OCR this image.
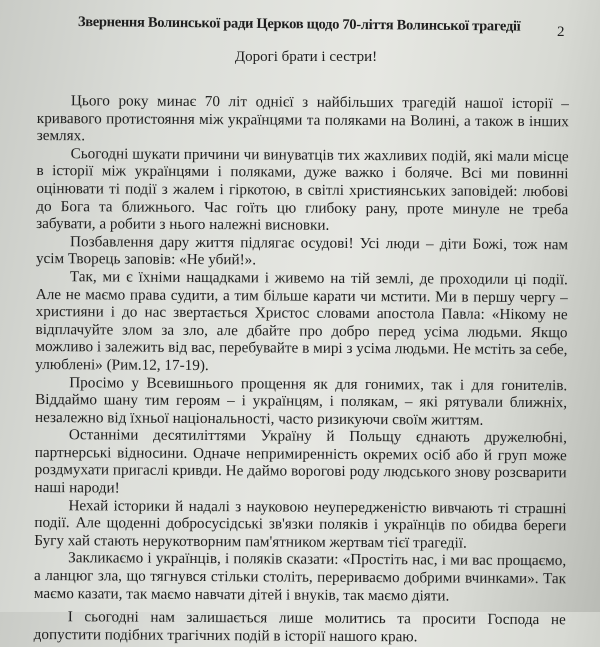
Звернення Волинської ради Церков щодо 70-ліття Волинської трагедії	2
Дорогі брати і сестри!

Цього року минає 70 літ однієї з найбільших трагедій нашої історії – кривавого протистояння між українцями та поляками на Волині, а також в інших землях.

Сьогодні шукати причини чи винуватців тих жахливих подій, які мали місце в історії між українцями і поляками, дуже важко і боляче. Всі ми повинні оцінювати ті події з жалем і гіркотою, в світлі християнських заповідей: любові до Бога та ближнього. Час гоїть цю глибоку рану, проте минуле не треба забувати, а робити з нього належні висновки.

Позбавлення дару життя підлягає осудові! Усі люди – діти Божі, тож нам усім Творець заповів: «Не убий!».

Так, ми є їхніми нащадками і живемо на тій землі, де проходили ці події. Але не маємо права судити, а тим більше карати чи мстити. Ми в першу чергу – християни і до нас звертається Христос словами апостола Павла: «Нікому не відплачуйте злом за зло, але дбайте про добро перед усіма людьми. Якщо можливо і залежить від вас, перебувайте в мирі з усіма людьми. Не мстіть за себе, улюблені» (Рим.12, 17-19).

Просімо у Всевишнього прощення як для гонимих, так і для гонителів. Віддаймо шану тим героям – і українцям, і полякам, – які рятували ближніх, незалежно від їхньої національності, часто ризикуючи своїм життям.

Останніми десятиліттями Україну й Польщу єднають дружелюбні, партнерські відносини. Одначе непримиренність окремих осіб або й груп може роздмухати пригаслі кривди. Не даймо ворогові роду людського знову розсварити наші народи!

Нехай історики й надалі з науковою неупередженістю вивчають ті страшні події. Але щоденні добросусідські зв'язки поляків і українців по обидва береги Бугу хай стають нерукотворним пам'ятником жертвам тієї трагедії.

Закликаємо і українців, і поляків сказати: «Простіть нас, і ми вас прощаємо, а ланцюг зла, що тягнувся стільки століть, перериваємо добрими вчинками». Так маємо казати, так маємо навчати дітей і внуків, так маємо діяти.

І сьогодні нам залишається лише молитись та просити Господа не допустити подібних трагічних подій в історії нашого краю.
